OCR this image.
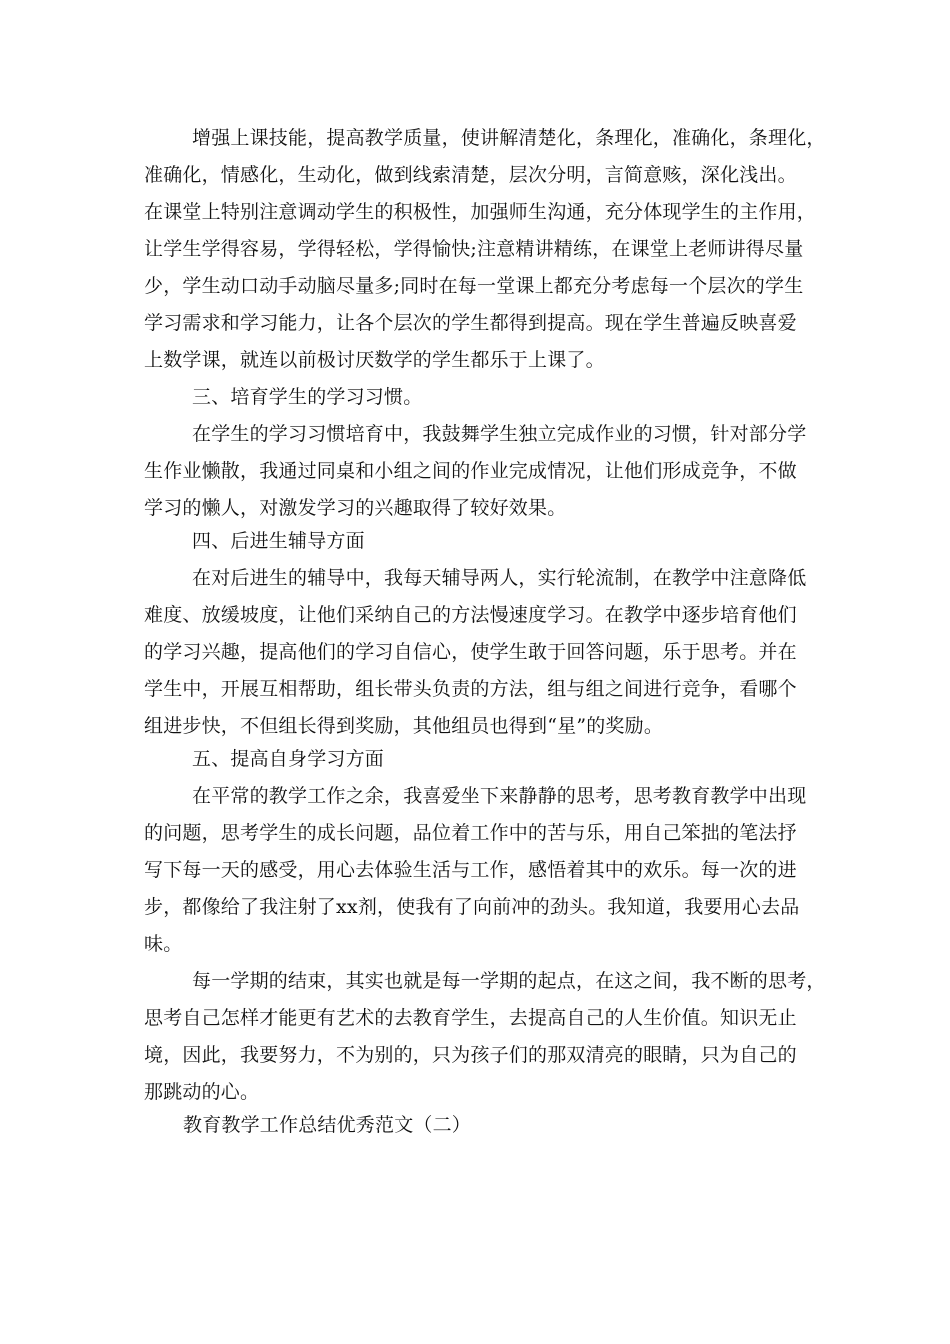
增强上课技能，提高教学质量，使讲解清楚化，条理化，准确化，条理化，
准确化，情感化，生动化，做到线索清楚，层次分明，言简意赅，深化浅出。
在课堂上特别注意调动学生的积极性，加强师生沟通，充分体现学生的主作用，
让学生学得容易，学得轻松，学得愉快;注意精讲精练，在课堂上老师讲得尽量
少，学生动口动手动脑尽量多;同时在每一堂课上都充分考虑每一个层次的学生
学习需求和学习能力，让各个层次的学生都得到提高。现在学生普遍反映喜爱
上数学课，就连以前极讨厌数学的学生都乐于上课了。
三、培育学生的学习习惯。
在学生的学习习惯培育中，我鼓舞学生独立完成作业的习惯，针对部分学
生作业懒散，我通过同桌和小组之间的作业完成情况，让他们形成竞争，不做
学习的懒人，对激发学习的兴趣取得了较好效果。
四、后进生辅导方面
在对后进生的辅导中，我每天辅导两人，实行轮流制，在教学中注意降低
难度、放缓坡度，让他们采纳自己的方法慢速度学习。在教学中逐步培育他们
的学习兴趣，提高他们的学习自信心，使学生敢于回答问题，乐于思考。并在
学生中，开展互相帮助，组长带头负责的方法，组与组之间进行竞争，看哪个
组进步快，不但组长得到奖励，其他组员也得到“星”的奖励。
五、提高自身学习方面
在平常的教学工作之余，我喜爱坐下来静静的思考，思考教育教学中出现
的问题，思考学生的成长问题，品位着工作中的苦与乐，用自己笨拙的笔法抒
写下每一天的感受，用心去体验生活与工作，感悟着其中的欢乐。每一次的进
步，都像给了我注射了xx剂，使我有了向前冲的劲头。我知道，我要用心去品
味。
每一学期的结束，其实也就是每一学期的起点，在这之间，我不断的思考，
思考自己怎样才能更有艺术的去教育学生，去提高自己的人生价值。知识无止
境，因此，我要努力，不为别的，只为孩子们的那双清亮的眼睛，只为自己的
那跳动的心。
教育教学工作总结优秀范文（二）
